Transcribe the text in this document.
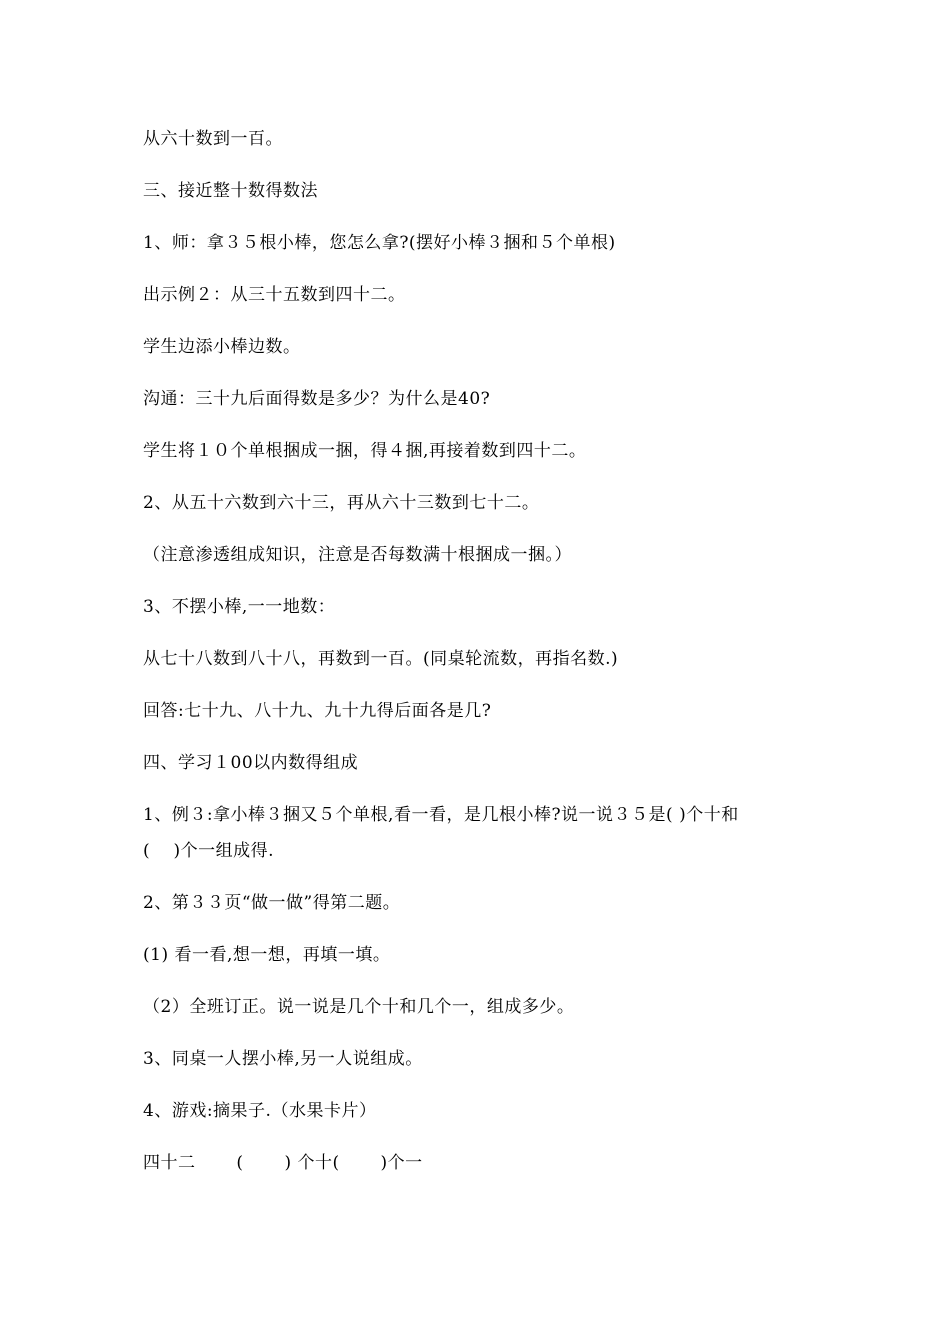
从六十数到一百。
三、接近整十数得数法
1、师：拿３５根小棒，您怎么拿?(摆好小棒３捆和５个单根)
出示例２：从三十五数到四十二。
学生边添小棒边数。
沟通：三十九后面得数是多少？为什么是40?
学生将１０个单根捆成一捆，得４捆,再接着数到四十二。
2、从五十六数到六十三，再从六十三数到七十二。
（注意渗透组成知识，注意是否每数满十根捆成一捆。）
3、不摆小棒,一一地数：
从七十八数到八十八，再数到一百。(同桌轮流数，再指名数.)
回答:七十九、八十九、九十九得后面各是几?
四、学习１00以内数得组成
1、例３:拿小棒３捆又５个单根,看一看，是几根小棒?说一说３５是( )个十和
(　 )个一组成得.
2、第３３页“做一做”得第二题。
(1) 看一看,想一想，再填一填。
（2）全班订正。说一说是几个十和几个一，组成多少。
3、同桌一人摆小棒,另一人说组成。
4、游戏:摘果子.（水果卡片）
四十二　　 (　　 ) 个十(　　 )个一
